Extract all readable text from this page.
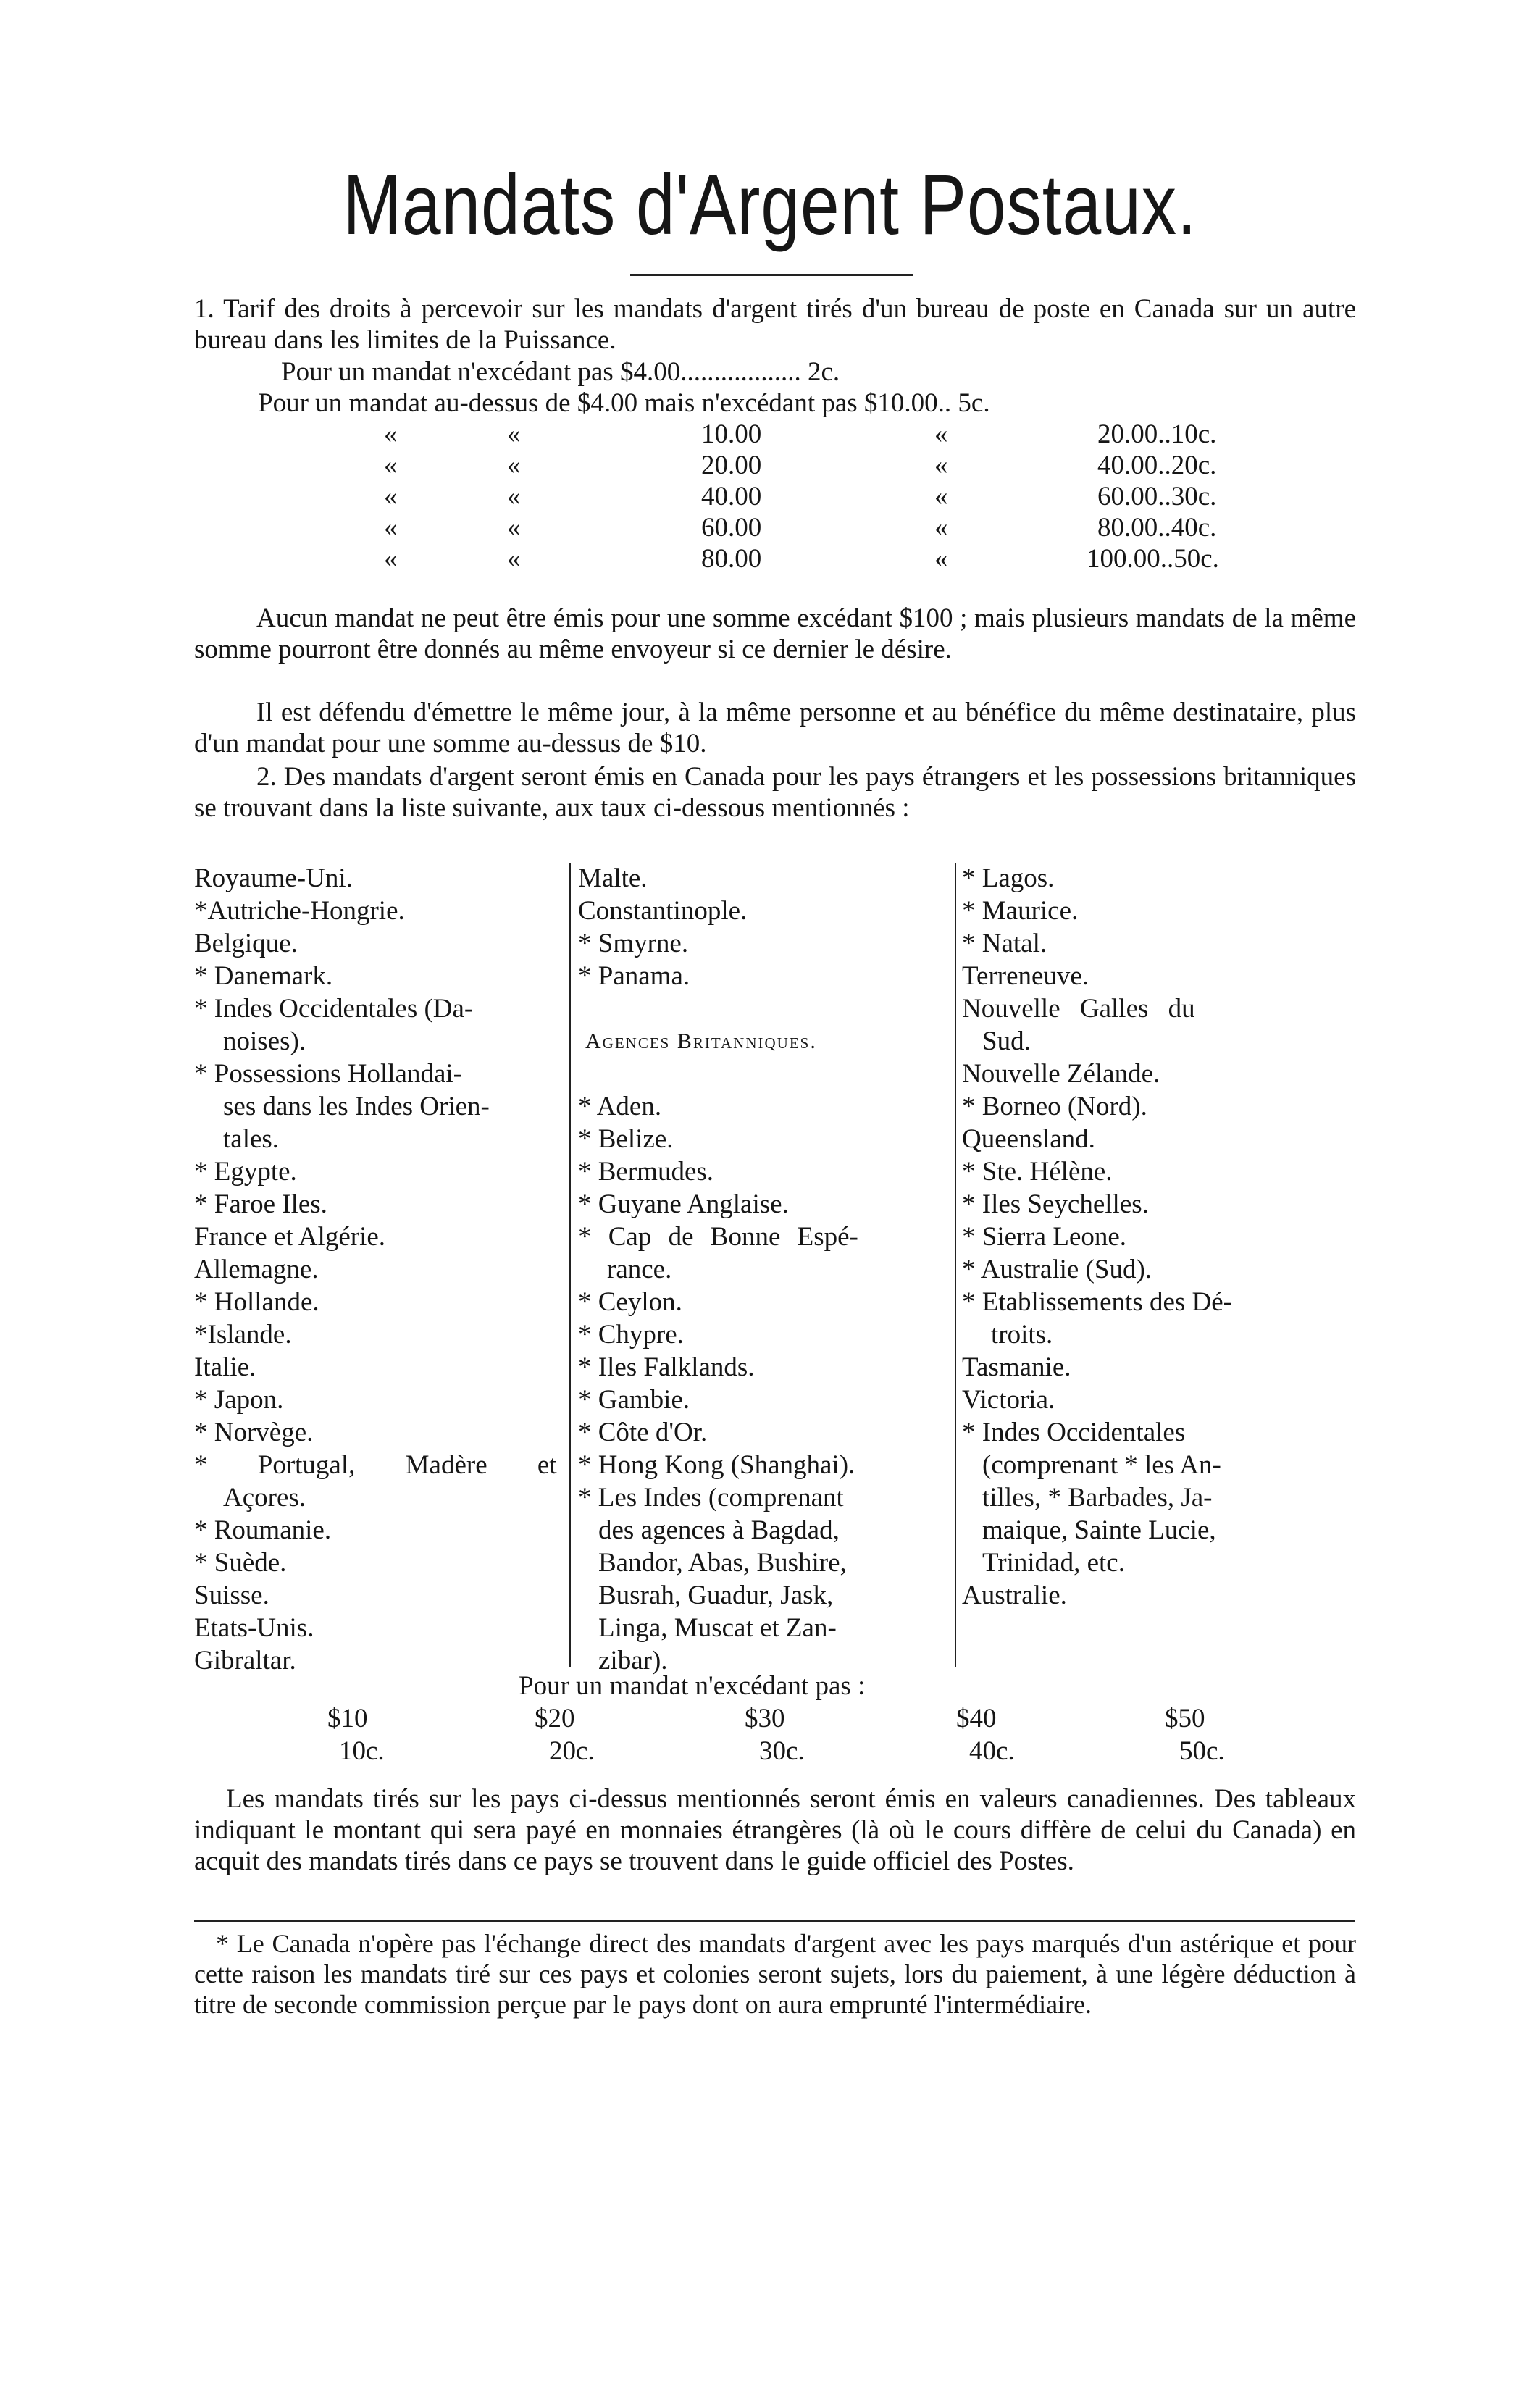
Mandats d'Argent Postaux.

1. Tarif des droits à percevoir sur les mandats d'argent tirés d'un bureau de poste en Canada sur un autre bureau dans les limites de la Puissance.

Pour un mandat n'excédant pas $4.00.................. 2c.
Pour un mandat au-dessus de $4.00 mais n'excédant pas $10.00.. 5c.
«	«	10.00	«	20.00..10c.
«	«	20.00	«	40.00..20c.
«	«	40.00	«	60.00..30c.
«	«	60.00	«	80.00..40c.
«	«	80.00	«	100.00..50c.

Aucun mandat ne peut être émis pour une somme excédant $100 ; mais plusieurs mandats de la même somme pourront être donnés au même envoyeur si ce dernier le désire.

Il est défendu d'émettre le même jour, à la même personne et au bénéfice du même destinataire, plus d'un mandat pour une somme au-dessus de $10.

2. Des mandats d'argent seront émis en Canada pour les pays étrangers et les possessions britanniques se trouvant dans la liste suivante, aux taux ci-dessous mentionnés :

Royaume-Uni.
*Autriche-Hongrie.
Belgique.
* Danemark.
* Indes Occidentales (Da-
noises).
* Possessions Hollandai-
ses dans les Indes Orien-
tales.
* Egypte.
* Faroe Iles.
France et Algérie.
Allemagne.
* Hollande.
*Islande.
Italie.
* Japon.
* Norvège.
* Portugal, Madère et
Açores.
* Roumanie.
* Suède.
Suisse.
Etats-Unis.
Gibraltar.
Malte.
Constantinople.
* Smyrne.
* Panama.
Agences Britanniques.
* Aden.
* Belize.
* Bermudes.
* Guyane Anglaise.
* Cap de Bonne Espé-
rance.
* Ceylon.
* Chypre.
* Iles Falklands.
* Gambie.
* Côte d'Or.
* Hong Kong (Shanghai).
* Les Indes (comprenant
des agences à Bagdad,
Bandor, Abas, Bushire,
Busrah, Guadur, Jask,
Linga, Muscat et Zan-
zibar).
* Lagos.
* Maurice.
* Natal.
Terreneuve.
Nouvelle Galles du
Sud.
Nouvelle Zélande.
* Borneo (Nord).
Queensland.
* Ste. Hélène.
* Iles Seychelles.
* Sierra Leone.
* Australie (Sud).
* Etablissements des Dé-
troits.
Tasmanie.
Victoria.
* Indes Occidentales
(comprenant * les An-
tilles, * Barbades, Ja-
maique, Sainte Lucie,
Trinidad, etc.
Australie.
Pour un mandat n'excédant pas :
$10	$20	$30	$40	$50
10c.	20c.	30c.	40c.	50c.

Les mandats tirés sur les pays ci-dessus mentionnés seront émis en valeurs canadiennes. Des tableaux indiquant le montant qui sera payé en monnaies étrangères (là où le cours diffère de celui du Canada) en acquit des mandats tirés dans ce pays se trouvent dans le guide officiel des Postes.

* Le Canada n'opère pas l'échange direct des mandats d'argent avec les pays marqués d'un astérique et pour cette raison les mandats tiré sur ces pays et colonies seront sujets, lors du paiement, à une légère déduction à titre de seconde commission perçue par le pays dont on aura emprunté l'intermédiaire.
